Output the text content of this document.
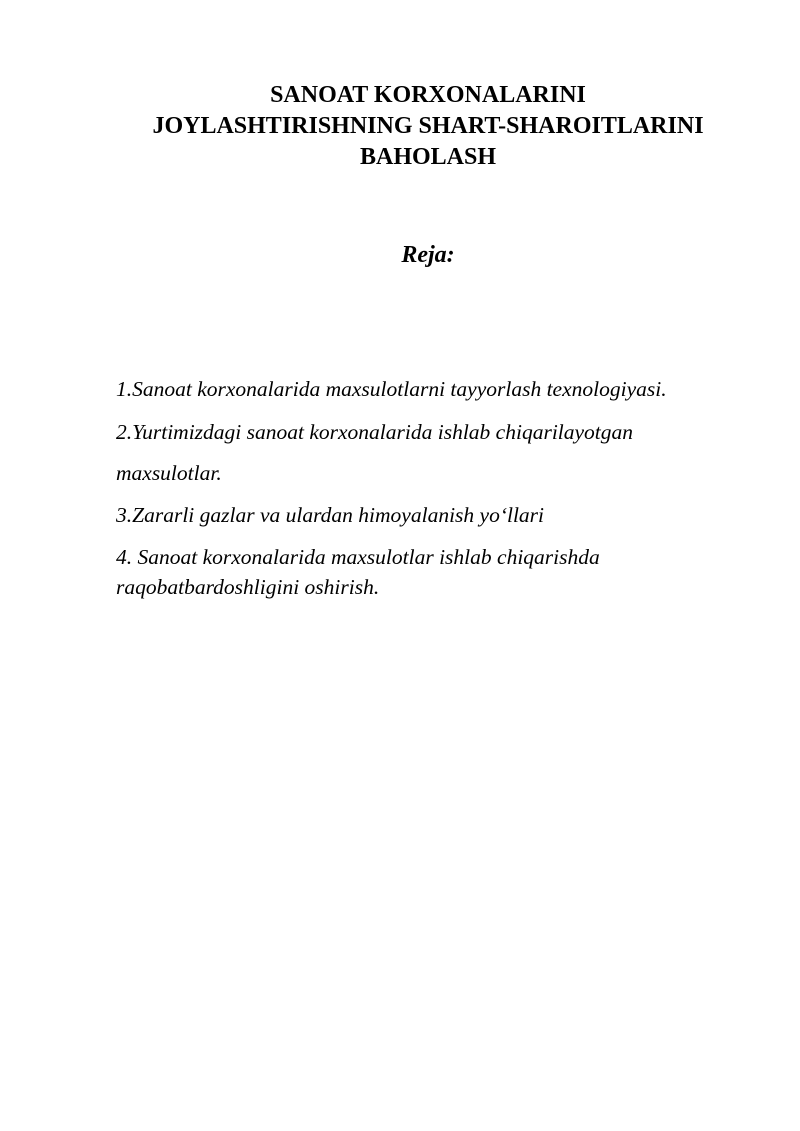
SANOAT KORXONALARINI
JOYLASHTIRISHNING SHART-SHAROITLARINI
BAHOLASH
Reja:
1.Sanoat korxonalarida maxsulotlarni tayyorlash texnologiyasi.
2.Yurtimizdagi sanoat korxonalarida ishlab chiqarilayotgan
maxsulotlar.
3.Zararli gazlar va ulardan himoyalanish yo‘llari
4. Sanoat korxonalarida maxsulotlar ishlab chiqarishda
raqobatbardoshligini oshirish.
